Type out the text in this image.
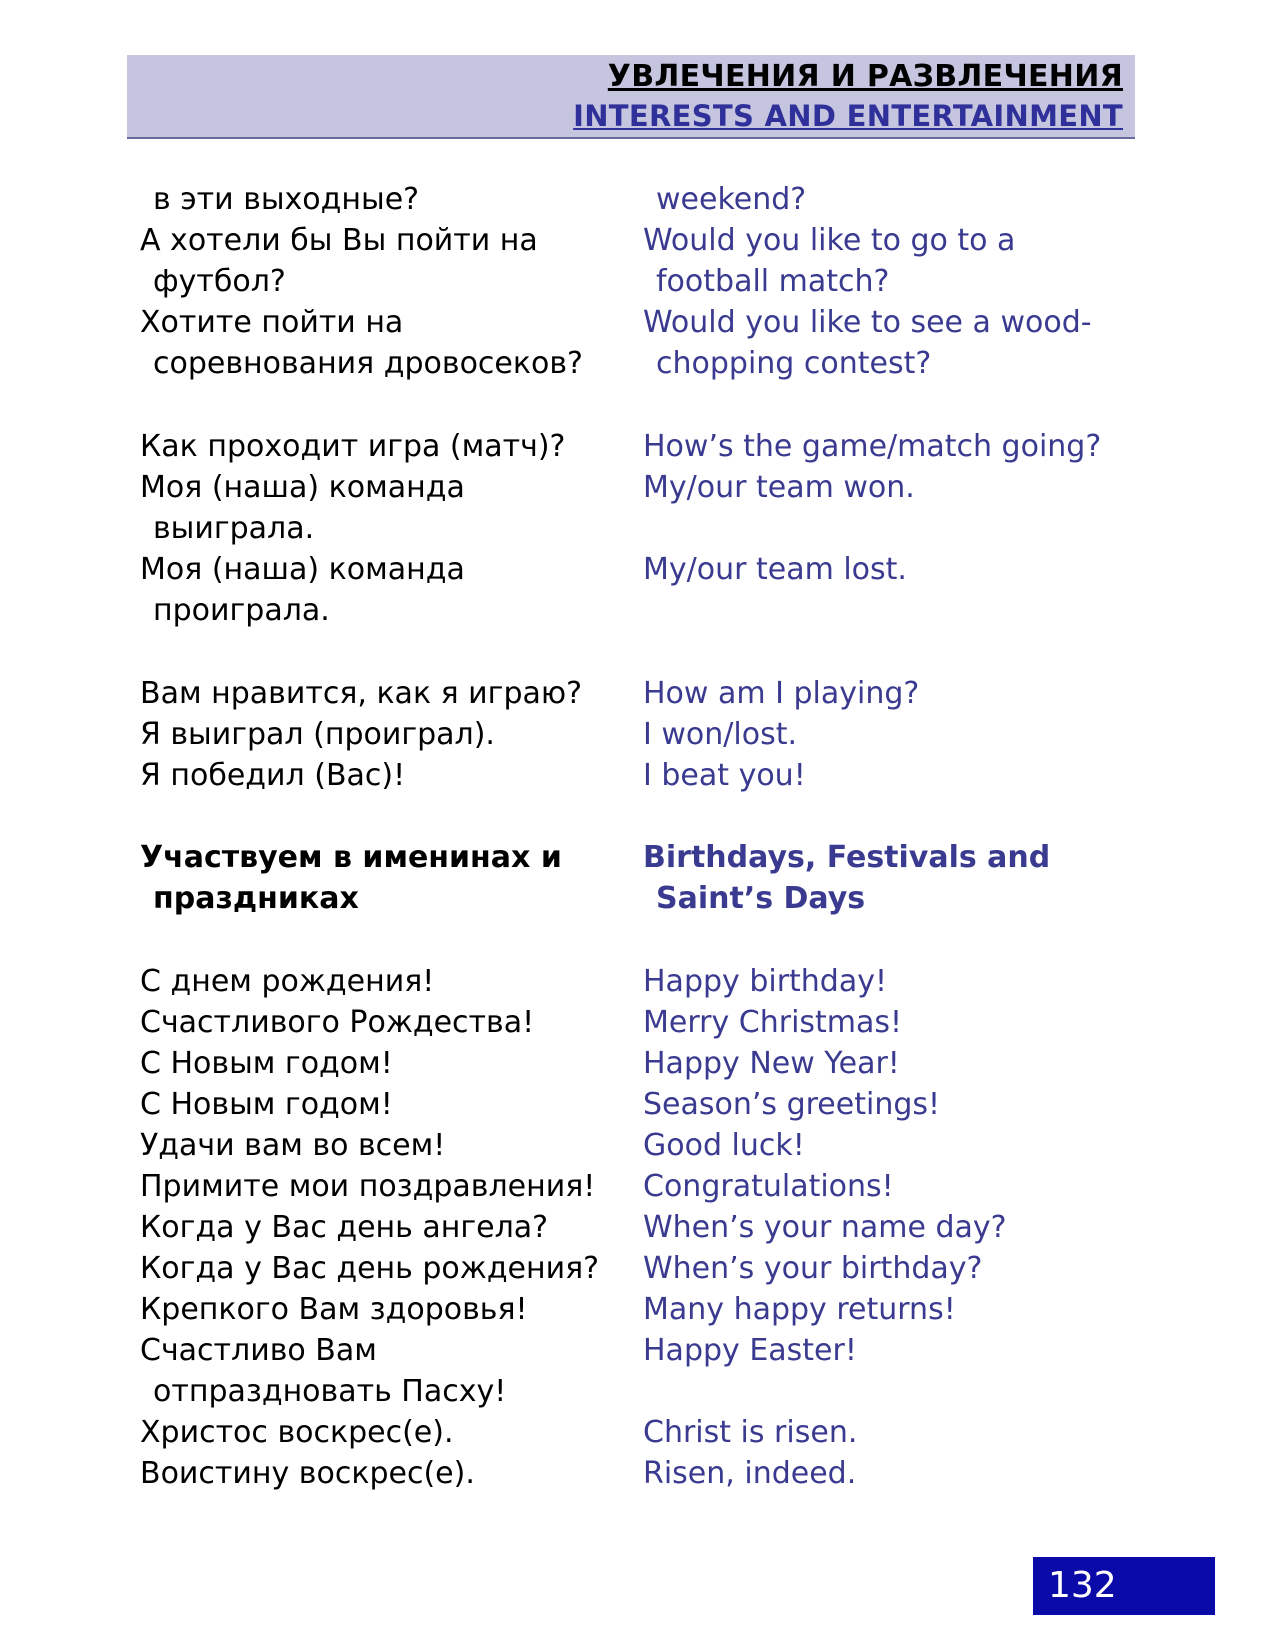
УВЛЕЧЕНИЯ И РАЗВЛЕЧЕНИЯ
INTERESTS AND ENTERTAINMENT
в эти выходные?	weekend?
А хотели бы Вы пойти на	Would you like to go to a
футбол?	football match?
Хотите пойти на	Would you like to see a wood-
соревнования дровосеков? chopping contest?
Как проходит игра (матч)?	How’s the game/match going?
Моя (наша) команда	My/our team won.
выиграла.
Моя (наша) команда	My/our team lost.
проиграла.
Вам нравится, как я играю? How am I playing?
Я выиграл (проиграл).	I won/lost.
Я победил (Вас)!	I beat you!
Участвуем в именинах и	Birthdays, Festivals and
праздниках	Saint’s Days
С днем рождения!	Happy birthday!
Счастливого Рождества!	Merry Christmas!
С Новым годом!	Happy New Year!
С Новым годом!	Season’s greetings!
Удачи вам во всем!	Good luck!
Примите мои поздравления! Congratulations!
Когда у Вас день ангела?	When’s your name day?
Когда у Вас день рождения? When’s your birthday?
Крепкого Вам здоровья!	Many happy returns!
Счастливо Вам	Happy Easter!
отпраздновать Пасху!
Христос воскрес(е).	Christ is risen.
Воистину воскрес(е).	Risen, indeed.
132
